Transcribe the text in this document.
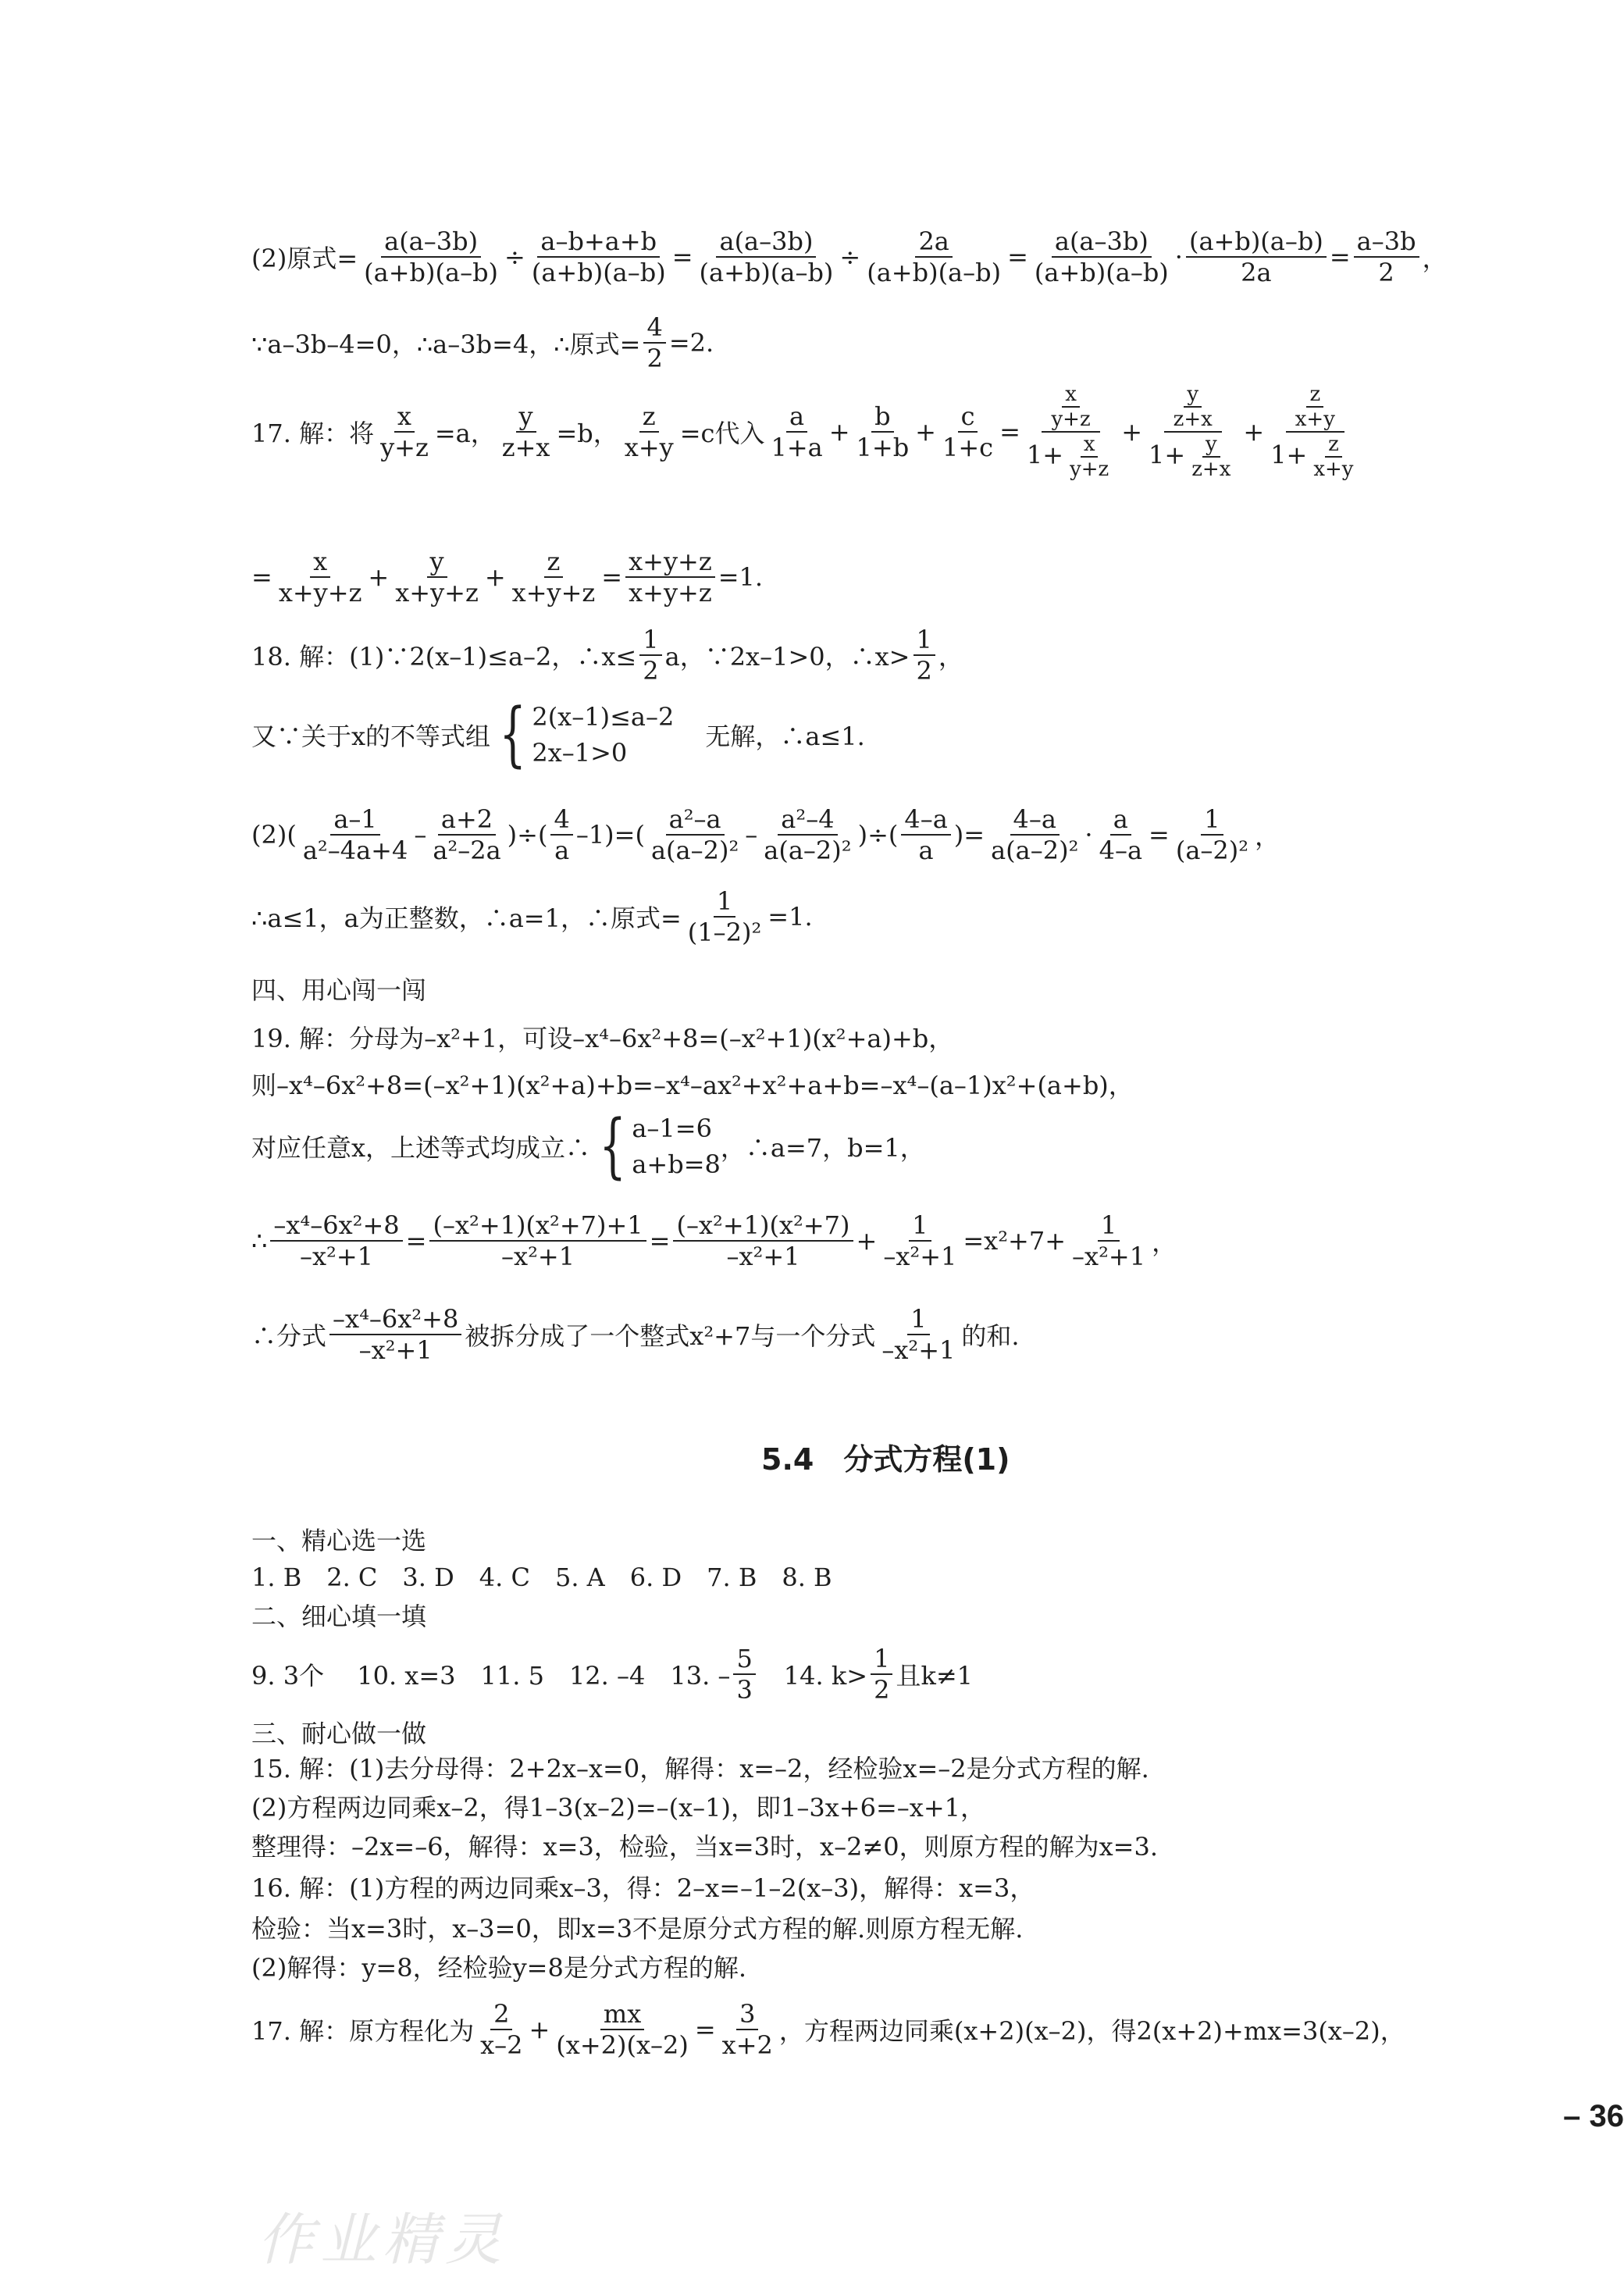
(2)原式= $\frac{a(a-3b)}{(a+b)(a-b)} \div \frac{a-b+a+b}{(a+b)(a-b)} = \frac{a(a-3b)}{(a+b)(a-b)} \div \frac{2a}{(a+b)(a-b)} = \frac{a(a-3b)}{(a+b)(a-b)} \cdot \frac{(a+b)(a-b)}{2a} = \frac{a-3b}{2}$ ，
∵a–3b–4=0，∴a–3b=4，∴原式= $\frac{4}{2} =2$.
17. 解：将 $\frac{x}{y+z} =a$， $\frac{y}{z+x} =b$， $\frac{z}{x+y} =c$代入
a
1+a
+ $\frac{b}{1+b} + \frac{c}{1+c} = \frac{\frac{x}{y+z}}{1+ \frac{x}{y+z}} + \frac{\frac{y}{z+x}}{1+ \frac{y}{z+x}} + \frac{\frac{z}{x+y}}{1+ \frac{z}{x+y}}$
= $\frac{x}{x+y+z} + \frac{y}{x+y+z} + \frac{z}{x+y+z} = \frac{x+y+z}{x+y+z} =1$.
18. 解：(1)∵2(x–1)≤a–2，∴x≤ $\frac{1}{2}$ a，∵2x–1>0，∴x>
1
2 ，
又∵关于x的不等式组 { 2(x–1)≤a–2
2x–1>0
无解，∴a≤1.
(2)(
a–1
a²–4a+4
–
a+2
a²–2a
)÷(
4
a
–1)=(
a²–a
a(a–2)²
–
a²–4
a(a–2)²
)÷(
4–a
a
)= $\frac{4-a}{\text{a(a–2)²}} \cdot \frac{a}{4-a} = \frac{1}{\text{(a–2)²}}$ ，
∴a≤1，a为正整数，∴a=1，∴原式= $\frac{1}{\text{(1–2)²}} =1$.
四、用心闯一闯
19. 解：分母为–x²+1，可设–x⁴–6x²+8=(–x²+1)(x²+a)+b，
则–x⁴–6x²+8=(–x²+1)(x²+a)+b=–x⁴–ax²+x²+a+b=–x⁴–(a–1)x²+(a+b)，
对应任意x，上述等式均成立∴ { a–1=6
a+b=8
，∴a=7，b=1，
∴ $\frac{\text{–x⁴–6x²+8}}{\text{–x²+1}} = \frac{\text{(–x²+1)(x²+7)+1}}{\text{–x²+1}} = \frac{\text{(–x²+1)(x²+7)}}{\text{–x²+1}} + \frac{1}{\text{–x²+1}} =x^2+7+ \frac{1}{\text{–x²+1}}$ ，
∴分式
–x⁴–6x²+8
–x²+1 被拆分成了一个整式x²+7与一个分式
1
–x²+1 的和.
5.4　分式方程(1)
一、精心选一选
1. B　2. C　3. D　4. C　5. A　6. D　7. B　8. B
二、细心填一填
9. 3个　 10. x=3　11. 5　12. –4　13. –
5
3 　14. k>
1
2 且k≠1
三、耐心做一做
15. 解：(1)去分母得：2+2x–x=0，解得：x=–2，经检验x=–2是分式方程的解.
(2)方程两边同乘x–2，得1–3(x–2)=–(x–1)，即1–3x+6=–x+1，
整理得：–2x=–6，解得：x=3，检验，当x=3时，x–2≠0，则原方程的解为x=3.
16. 解：(1)方程的两边同乘x–3，得：2–x=–1–2(x–3)，解得：x=3，
检验：当x=3时，x–3=0，即x=3不是原分式方程的解.则原方程无解.
(2)解得：y=8，经检验y=8是分式方程的解.
17. 解：原方程化为
2
x–2
+ $\frac{mx}{(x+2)(x-2)} = \frac{3}{x+2}$ ，方程两边同乘(x+2)(x–2)，得2(x+2)+mx=3(x–2)，
– 36
作业精灵
